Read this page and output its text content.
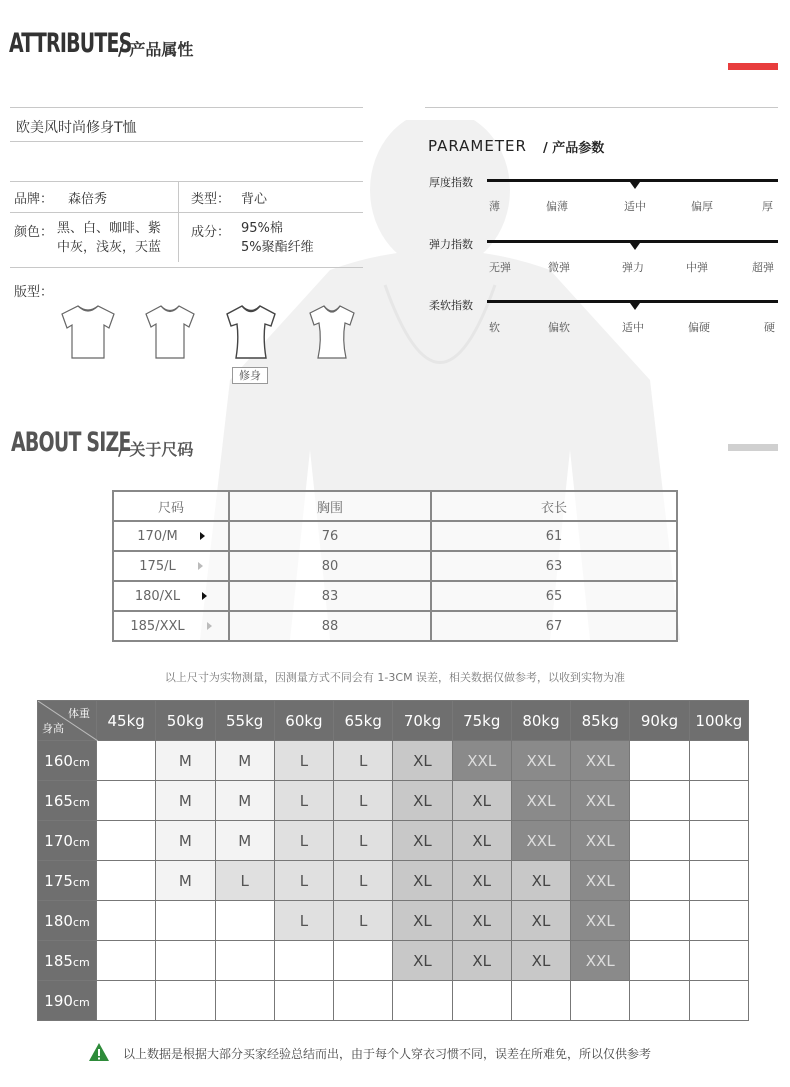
ATTRIBUTES
/ 产品属性
欧美风时尚修身T恤
品牌： 森倍秀	类型： 背心
颜色： 黑、白、咖啡、紫
中灰，浅灰，天蓝
成分： 95%棉
5%聚酯纤维
版型：
修身
PARAMETER / 产品参数
厚度指数
薄	偏薄	适中	偏厚	厚
弹力指数
无弹	微弹	弹力	中弹	超弹
柔软指数
软	偏软	适中	偏硬	硬
ABOUT SIZE
/ 关于尺码
尺码	胸围	衣长
170/M	76	61
175/L	80	63
180/XL	83	65
185/XXL	88	67
以上尺寸为实物测量，因测量方式不同会有 1-3CM 误差，相关数据仅做参考，以收到实物为准
体重
身高	45kg	50kg	55kg	60kg	65kg	70kg	75kg	80kg	85kg	90kg	100kg
160cm		M	M	L	L	XL	XXL	XXL	XXL		
165cm		M	M	L	L	XL	XL	XXL	XXL		
170cm		M	M	L	L	XL	XL	XXL	XXL		
175cm		M	L	L	L	XL	XL	XL	XXL		
180cm				L	L	XL	XL	XL	XXL		
185cm						XL	XL	XL	XXL		
190cm											
以上数据是根据大部分买家经验总结而出，由于每个人穿衣习惯不同，误差在所难免，所以仅供参考
